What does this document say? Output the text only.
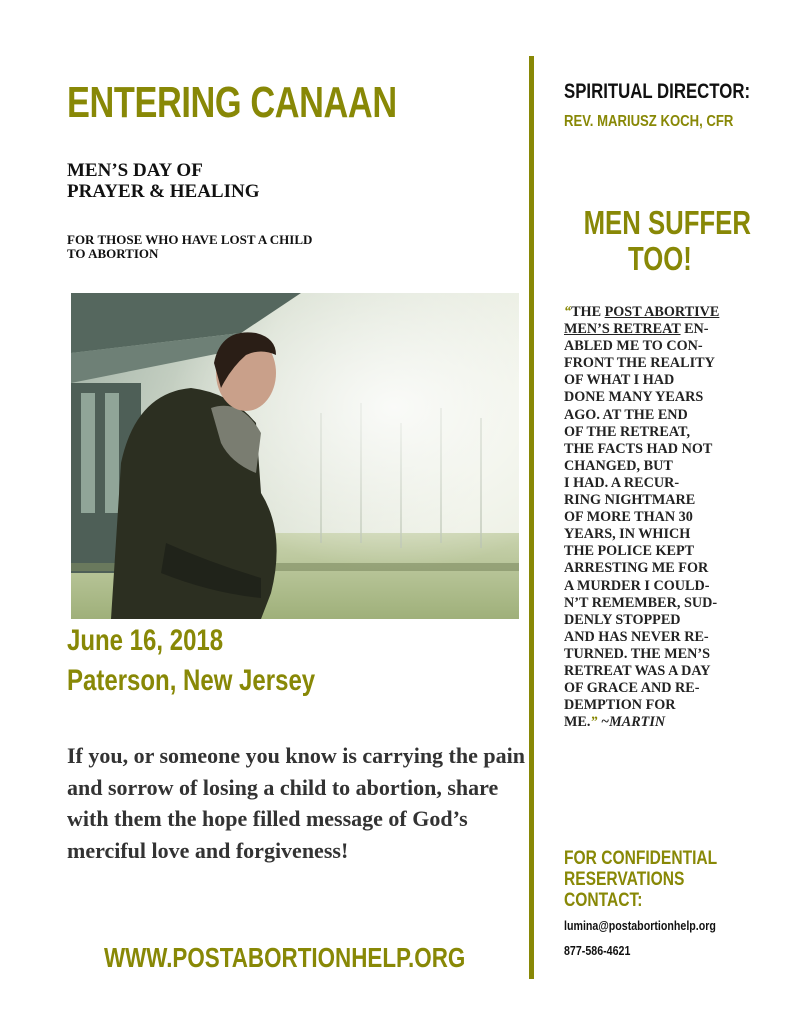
ENTERING CANAAN
MEN’S DAY OF
PRAYER & HEALING
FOR THOSE WHO HAVE LOST A CHILD
TO ABORTION
June 16, 2018
Paterson, New Jersey
If you, or someone you know is carrying the pain and sorrow of losing a child to abortion, share with them the hope filled message of God’s merciful love and forgiveness!
WWW.POSTABORTIONHELP.ORG
SPIRITUAL DIRECTOR:
REV. MARIUSZ KOCH, CFR
MEN SUFFER
TOO!
“THE POST ABORTIVE
MEN’S RETREAT EN-
ABLED ME TO CON-
FRONT THE REALITY
OF WHAT I HAD
DONE MANY YEARS
AGO. AT THE END
OF THE RETREAT,
THE FACTS HAD NOT
CHANGED, BUT
I HAD. A RECUR-
RING NIGHTMARE
OF MORE THAN 30
YEARS, IN WHICH
THE POLICE KEPT
ARRESTING ME FOR
A MURDER I COULD-
N’T REMEMBER, SUD-
DENLY STOPPED
AND HAS NEVER RE-
TURNED. THE MEN’S
RETREAT WAS A DAY
OF GRACE AND RE-
DEMPTION FOR
ME.” ~MARTIN
FOR CONFIDENTIAL
RESERVATIONS
CONTACT:
lumina@postabortionhelp.org
877-586-4621
